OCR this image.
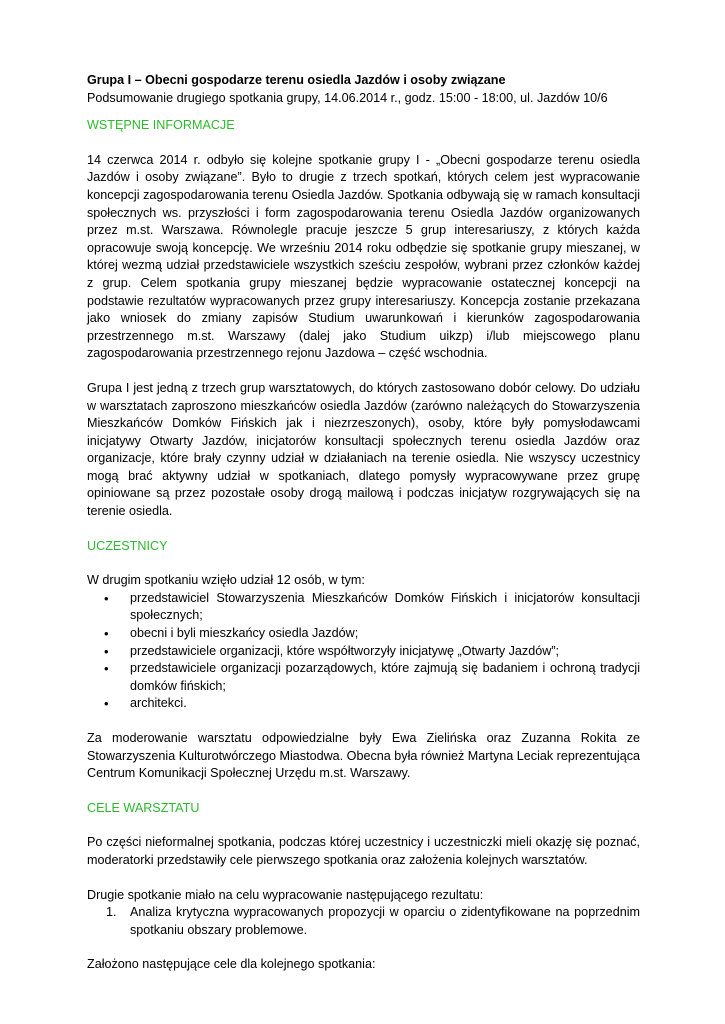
Grupa I – Obecni gospodarze terenu osiedla Jazdów i osoby związane

Podsumowanie drugiego spotkania grupy, 14.06.2014 r., godz. 15:00 - 18:00, ul. Jazdów 10/6

WSTĘPNE INFORMACJE

14 czerwca 2014 r. odbyło się kolejne spotkanie grupy I - „Obecni gospodarze terenu osiedla Jazdów i osoby związane”. Było to drugie z trzech spotkań, których celem jest wypracowanie koncepcji zagospodarowania terenu Osiedla Jazdów. Spotkania odbywają się w ramach konsultacji społecznych ws. przyszłości i form zagospodarowania terenu Osiedla Jazdów organizowanych przez m.st. Warszawa. Równolegle pracuje jeszcze 5 grup interesariuszy, z których każda opracowuje swoją koncepcję. We wrześniu 2014 roku odbędzie się spotkanie grupy mieszanej, w której wezmą udział przedstawiciele wszystkich sześciu zespołów, wybrani przez członków każdej z grup. Celem spotkania grupy mieszanej będzie wypracowanie ostatecznej koncepcji na podstawie rezultatów wypracowanych przez grupy interesariuszy. Koncepcja zostanie przekazana jako wniosek do zmiany zapisów Studium uwarunkowań i kierunków zagospodarowania przestrzennego m.st. Warszawy (dalej jako Studium uikzp) i/lub miejscowego planu zagospodarowania przestrzennego rejonu Jazdowa – część wschodnia.

Grupa I jest jedną z trzech grup warsztatowych, do których zastosowano dobór celowy. Do udziału w warsztatach zaproszono mieszkańców osiedla Jazdów (zarówno należących do Stowarzyszenia Mieszkańców Domków Fińskich jak i niezrzeszonych), osoby, które były pomysłodawcami inicjatywy Otwarty Jazdów, inicjatorów konsultacji społecznych terenu osiedla Jazdów oraz organizacje, które brały czynny udział w działaniach na terenie osiedla. Nie wszyscy uczestnicy mogą brać aktywny udział w spotkaniach, dlatego pomysły wypracowywane przez grupę opiniowane są przez pozostałe osoby drogą mailową i podczas inicjatyw rozgrywających się na terenie osiedla.

UCZESTNICY

W drugim spotkaniu wzięło udział 12 osób, w tym:

• przedstawiciel Stowarzyszenia Mieszkańców Domków Fińskich i inicjatorów konsultacji społecznych;
• obecni i byli mieszkańcy osiedla Jazdów;
• przedstawiciele organizacji, które współtworzyły inicjatywę „Otwarty Jazdów”;
• przedstawiciele organizacji pozarządowych, które zajmują się badaniem i ochroną tradycji domków fińskich;
• architekci.

Za moderowanie warsztatu odpowiedzialne były Ewa Zielińska oraz Zuzanna Rokita ze Stowarzyszenia Kulturotwórczego Miastodwa. Obecna była również Martyna Leciak reprezentująca Centrum Komunikacji Społecznej Urzędu m.st. Warszawy.

CELE WARSZTATU

Po części nieformalnej spotkania, podczas której uczestnicy i uczestniczki mieli okazję się poznać, moderatorki przedstawiły cele pierwszego spotkania oraz założenia kolejnych warsztatów.

Drugie spotkanie miało na celu wypracowanie następującego rezultatu:

1. Analiza krytyczna wypracowanych propozycji w oparciu o zidentyfikowane na poprzednim spotkaniu obszary problemowe.

Założono następujące cele dla kolejnego spotkania:
